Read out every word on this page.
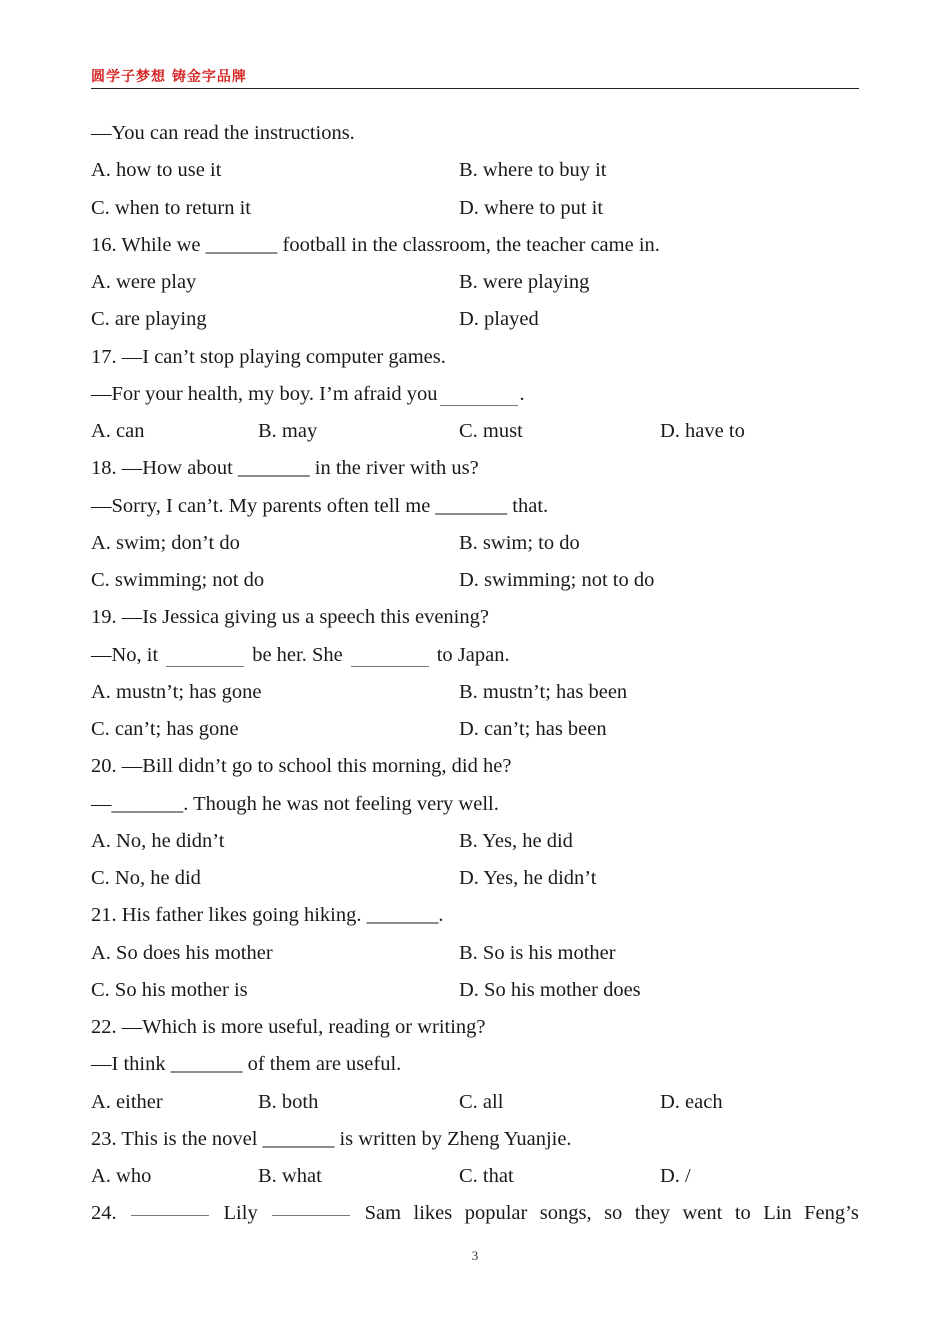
圆学子梦想 铸金字品牌
—You can read the instructions.
A. how to use it	B. where to buy it
C. when to return it	D. where to put it
16. While we _______ football in the classroom, the teacher came in.
A. were play	B. were playing
C. are playing	D. played
17. —I can’t stop playing computer games.
—For your health, my boy. I’m afraid you	.
A. can	B. may	C. must	D. have to
18. —How about _______ in the river with us?
—Sorry, I can’t. My parents often tell me _______ that.
A. swim; don’t do	B. swim; to do
C. swimming; not do	D. swimming; not to do
19. —Is Jessica giving us a speech this evening?
—No, it	be her. She	to Japan.
A. mustn’t; has gone	B. mustn’t; has been
C. can’t; has gone	D. can’t; has been
20. —Bill didn’t go to school this morning, did he?
—_______. Though he was not feeling very well.
A. No, he didn’t	B. Yes, he did
C. No, he did	D. Yes, he didn’t
21. His father likes going hiking. _______.
A. So does his mother	B. So is his mother
C. So his mother is	D. So his mother does
22. —Which is more useful, reading or writing?
—I think _______ of them are useful.
A. either	B. both	C. all	D. each
23. This is the novel _______ is written by Zheng Yuanjie.
A. who	B. what	C. that	D. /
24.	Lily	Sam likes popular songs, so they went to Lin Feng’s
3
